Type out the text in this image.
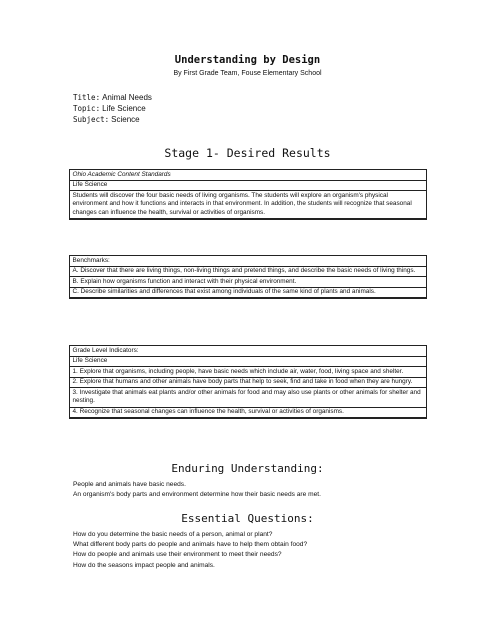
Understanding by Design
By First Grade Team, Fouse Elementary School
Title: Animal Needs
Topic: Life Science
Subject: Science
Stage 1- Desired Results
Ohio Academic Content Standards
Life Science
Students will discover the four basic needs of living organisms. The students will explore an organism's physical environment and how it functions and interacts in that environment. In addition, the students will recognize that seasonal changes can influence the health, survival or activities of organisms.
Benchmarks:
A. Discover that there are living things, non-living things and pretend things, and describe the basic needs of living things.
B. Explain how organisms function and interact with their physical environment.
C. Describe similarities and differences that exist among individuals of the same kind of plants and animals.
Grade Level Indicators:
Life Science
1. Explore that organisms, including people, have basic needs which include air, water, food, living space and shelter.
2. Explore that humans and other animals have body parts that help to seek, find and take in food when they are hungry.
3. Investigate that animals eat plants and/or other animals for food and may also use plants or other animals for shelter and nesting.
4. Recognize that seasonal changes can influence the health, survival or activities of organisms.
Enduring Understanding:
People and animals have basic needs.
An organism's body parts and environment determine how their basic needs are met.
Essential Questions:
How do you determine the basic needs of a person, animal or plant?
What different body parts do people and animals have to help them obtain food?
How do people and animals use their environment to meet their needs?
How do the seasons impact people and animals.
